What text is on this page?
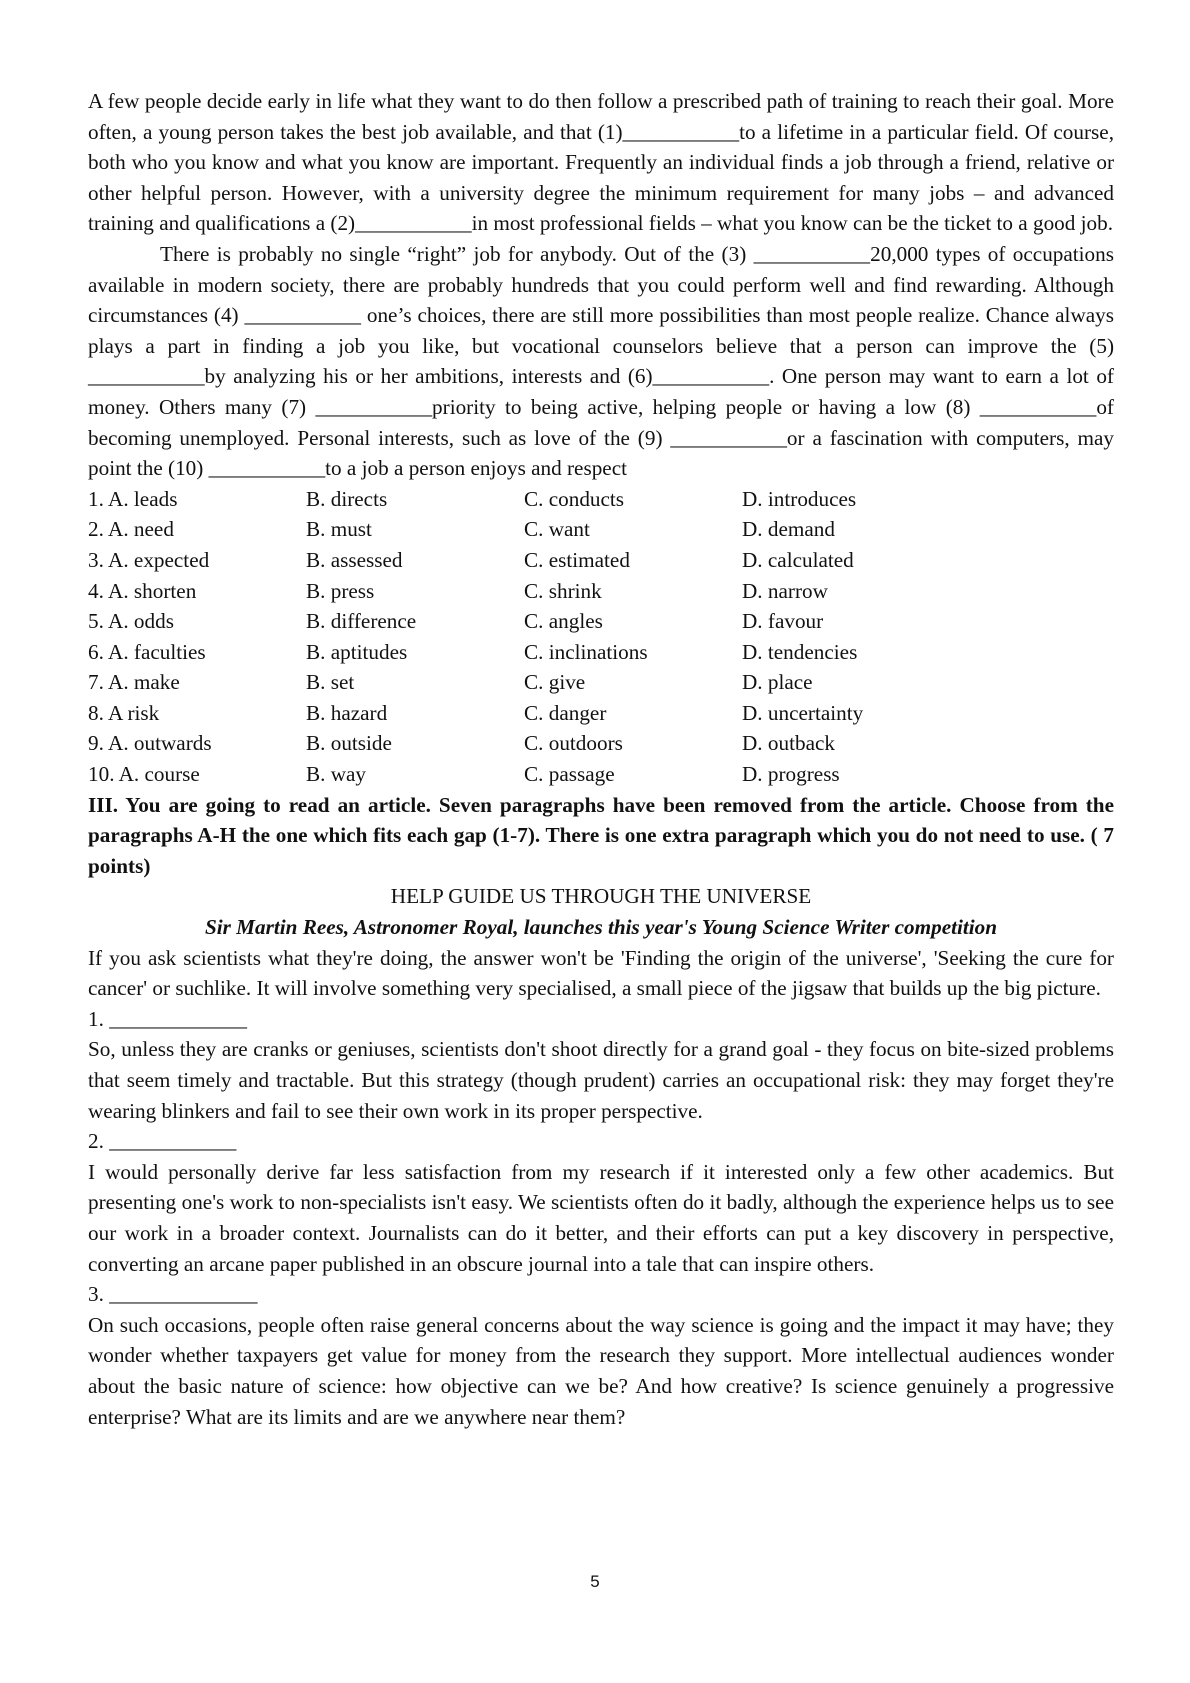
A few people decide early in life what they want to do then follow a prescribed path of training to reach their goal. More often, a young person takes the best job available, and that (1)___________to a lifetime in a particular field. Of course, both who you know and what you know are important. Frequently an individual finds a job through a friend, relative or other helpful person. However, with a university degree the minimum requirement for many jobs – and advanced training and qualifications a (2)___________in most professional fields – what you know can be the ticket to a good job.

There is probably no single “right” job for anybody. Out of the (3) ___________20,000 types of occupations available in modern society, there are probably hundreds that you could perform well and find rewarding. Although circumstances (4) ___________ one’s choices, there are still more possibilities than most people realize. Chance always plays a part in finding a job you like, but vocational counselors believe that a person can improve the (5) ___________by analyzing his or her ambitions, interests and (6)___________. One person may want to earn a lot of money. Others many (7) ___________priority to being active, helping people or having a low (8) ___________of becoming unemployed. Personal interests, such as love of the (9) ___________or a fascination with computers, may point the (10) ___________to a job a person enjoys and respect

1. A. leads	B. directs	C. conducts	D. introduces
2. A. need	B. must	C. want	D. demand
3. A. expected	B. assessed	C. estimated	D. calculated
4. A. shorten	B. press	C. shrink	D. narrow
5. A. odds	B. difference	C. angles	D. favour
6. A. faculties	B. aptitudes	C. inclinations	D. tendencies
7. A. make	B. set	C. give	D. place
8. A risk	B. hazard	C. danger	D. uncertainty
9. A. outwards	B. outside	C. outdoors	D. outback
10. A. course	B. way	C. passage	D. progress

III. You are going to read an article. Seven paragraphs have been removed from the article. Choose from the paragraphs A-H the one which fits each gap (1-7). There is one extra paragraph which you do not need to use. ( 7 points)

HELP GUIDE US THROUGH THE UNIVERSE

Sir Martin Rees, Astronomer Royal, launches this year's Young Science Writer competition

If you ask scientists what they're doing, the answer won't be 'Finding the origin of the universe', 'Seeking the cure for cancer' or suchlike. It will involve something very specialised, a small piece of the jigsaw that builds up the big picture.

1. _____________

So, unless they are cranks or geniuses, scientists don't shoot directly for a grand goal - they focus on bite-sized problems that seem timely and tractable. But this strategy (though prudent) carries an occupational risk: they may forget they're wearing blinkers and fail to see their own work in its proper perspective.

2. ____________

I would personally derive far less satisfaction from my research if it interested only a few other academics. But presenting one's work to non-specialists isn't easy. We scientists often do it badly, although the experience helps us to see our work in a broader context. Journalists can do it better, and their efforts can put a key discovery in perspective, converting an arcane paper published in an obscure journal into a tale that can inspire others.

3. ______________

On such occasions, people often raise general concerns about the way science is going and the impact it may have; they wonder whether taxpayers get value for money from the research they support. More intellectual audiences wonder about the basic nature of science: how objective can we be? And how creative? Is science genuinely a progressive enterprise? What are its limits and are we anywhere near them?

5
